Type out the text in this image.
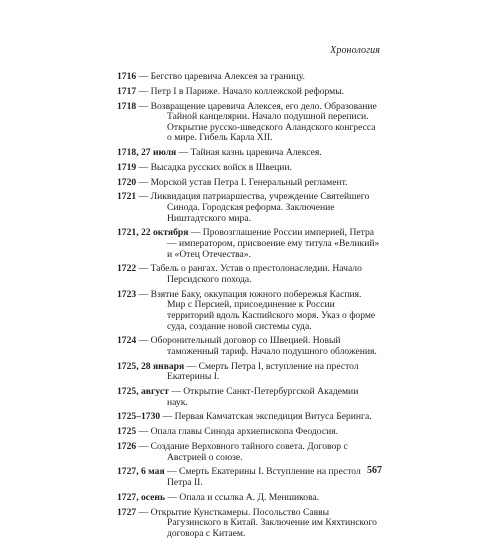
Хронология
1716 — Бегство царевича Алексея за границу.
1717 — Петр I в Париже. Начало коллежской реформы.
1718 — Возвращение царевича Алексея, его дело. Образование Тайной канцелярии. Начало подушной переписи. Открытие русско-шведского Аландского конгресса о мире. Гибель Карла XII.
1718, 27 июля — Тайная казнь царевича Алексея.
1719 — Высадка русских войск в Швеции.
1720 — Морской устав Петра I. Генеральный регламент.
1721 — Ликвидация патриаршества, учреждение Святейшего Синода. Городская реформа. Заключение Ништадтского мира.
1721, 22 октября — Провозглашение России империей, Петра — императором, присвоение ему титула «Великий» и «Отец Отечества».
1722 — Табель о рангах. Устав о престолонаследии. Начало Персидского похода.
1723 — Взятие Баку, оккупация южного побережья Каспия. Мир с Персией, присоединение к России территорий вдоль Каспийского моря. Указ о форме суда, создание новой системы суда.
1724 — Оборонительный договор со Швецией. Новый таможенный тариф. Начало подушного обложения.
1725, 28 января — Смерть Петра I, вступление на престол Екатерины I.
1725, август — Открытие Санкт-Петербургской Академии наук.
1725–1730 — Первая Камчатская экспедиция Витуса Беринга.
1725 — Опала главы Синода архиепископа Феодосия.
1726 — Создание Верховного тайного совета. Договор с Австрией о союзе.
1727, 6 мая — Смерть Екатерины I. Вступление на престол Петра II.
1727, осень — Опала и ссылка А. Д. Меншикова.
1727 — Открытие Кунсткамеры. Посольство Саввы Рагузинского в Китай. Заключение им Кяхтинского договора с Китаем.
567
